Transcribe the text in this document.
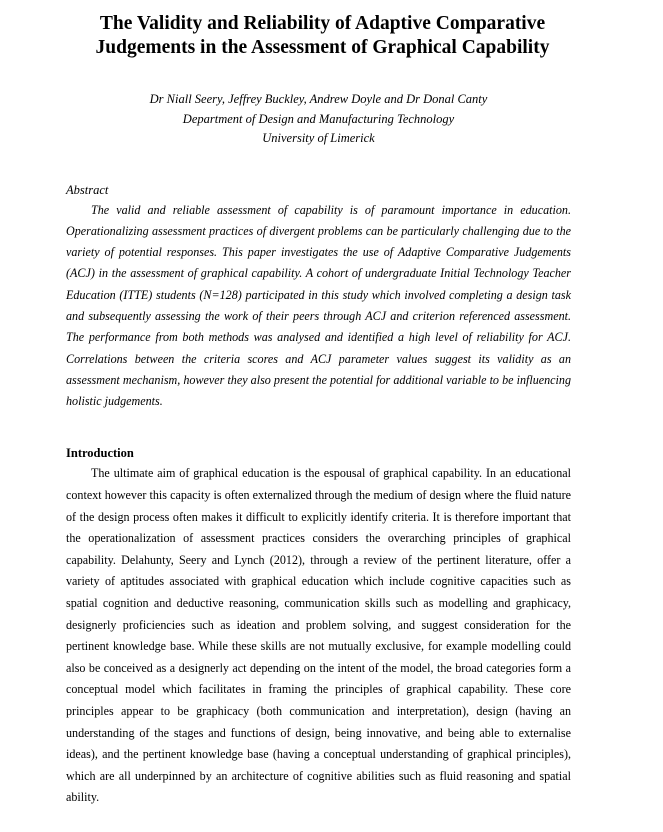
The Validity and Reliability of Adaptive Comparative
Judgements in the Assessment of Graphical Capability
Dr Niall Seery, Jeffrey Buckley, Andrew Doyle and Dr Donal Canty
Department of Design and Manufacturing Technology
University of Limerick
Abstract

The valid and reliable assessment of capability is of paramount importance in education. Operationalizing assessment practices of divergent problems can be particularly challenging due to the variety of potential responses. This paper investigates the use of Adaptive Comparative Judgements (ACJ) in the assessment of graphical capability. A cohort of undergraduate Initial Technology Teacher Education (ITTE) students (N=128) participated in this study which involved completing a design task and subsequently assessing the work of their peers through ACJ and criterion referenced assessment. The performance from both methods was analysed and identified a high level of reliability for ACJ. Correlations between the criteria scores and ACJ parameter values suggest its validity as an assessment mechanism, however they also present the potential for additional variable to be influencing holistic judgements.

Introduction

The ultimate aim of graphical education is the espousal of graphical capability. In an educational context however this capacity is often externalized through the medium of design where the fluid nature of the design process often makes it difficult to explicitly identify criteria. It is therefore important that the operationalization of assessment practices considers the overarching principles of graphical capability. Delahunty, Seery and Lynch (2012), through a review of the pertinent literature, offer a variety of aptitudes associated with graphical education which include cognitive capacities such as spatial cognition and deductive reasoning, communication skills such as modelling and graphicacy, designerly proficiencies such as ideation and problem solving, and suggest consideration for the pertinent knowledge base. While these skills are not mutually exclusive, for example modelling could also be conceived as a designerly act depending on the intent of the model, the broad categories form a conceptual model which facilitates in framing the principles of graphical capability. These core principles appear to be graphicacy (both communication and interpretation), design (having an understanding of the stages and functions of design, being innovative, and being able to externalise ideas), and the pertinent knowledge base (having a conceptual understanding of graphical principles), which are all underpinned by an architecture of cognitive abilities such as fluid reasoning and spatial ability.
